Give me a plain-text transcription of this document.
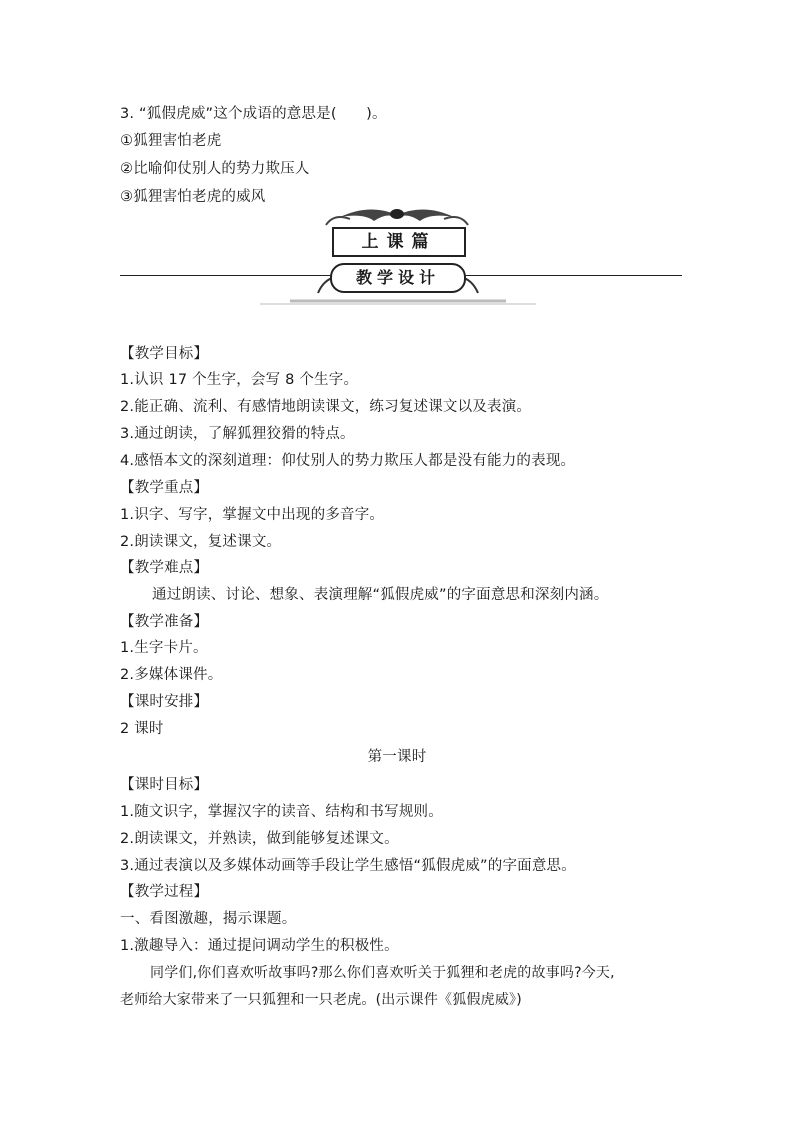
3. “狐假虎威”这个成语的意思是(　　)。
①狐狸害怕老虎
②比喻仰仗别人的势力欺压人
③狐狸害怕老虎的威风
上课篇
教学设计
【教学目标】
1.认识 17 个生字，会写 8 个生字。
2.能正确、流利、有感情地朗读课文，练习复述课文以及表演。
3.通过朗读，了解狐狸狡猾的特点。
4.感悟本文的深刻道理：仰仗别人的势力欺压人都是没有能力的表现。
【教学重点】
1.识字、写字，掌握文中出现的多音字。
2.朗读课文，复述课文。
【教学难点】
通过朗读、讨论、想象、表演理解“狐假虎威”的字面意思和深刻内涵。
【教学准备】
1.生字卡片。
2.多媒体课件。
【课时安排】
2 课时
第一课时
【课时目标】
1.随文识字，掌握汉字的读音、结构和书写规则。
2.朗读课文，并熟读，做到能够复述课文。
3.通过表演以及多媒体动画等手段让学生感悟“狐假虎威”的字面意思。
【教学过程】
一、看图激趣，揭示课题。
1.激趣导入：通过提问调动学生的积极性。
同学们,你们喜欢听故事吗?那么你们喜欢听关于狐狸和老虎的故事吗?今天,
老师给大家带来了一只狐狸和一只老虎。(出示课件《狐假虎威》)
